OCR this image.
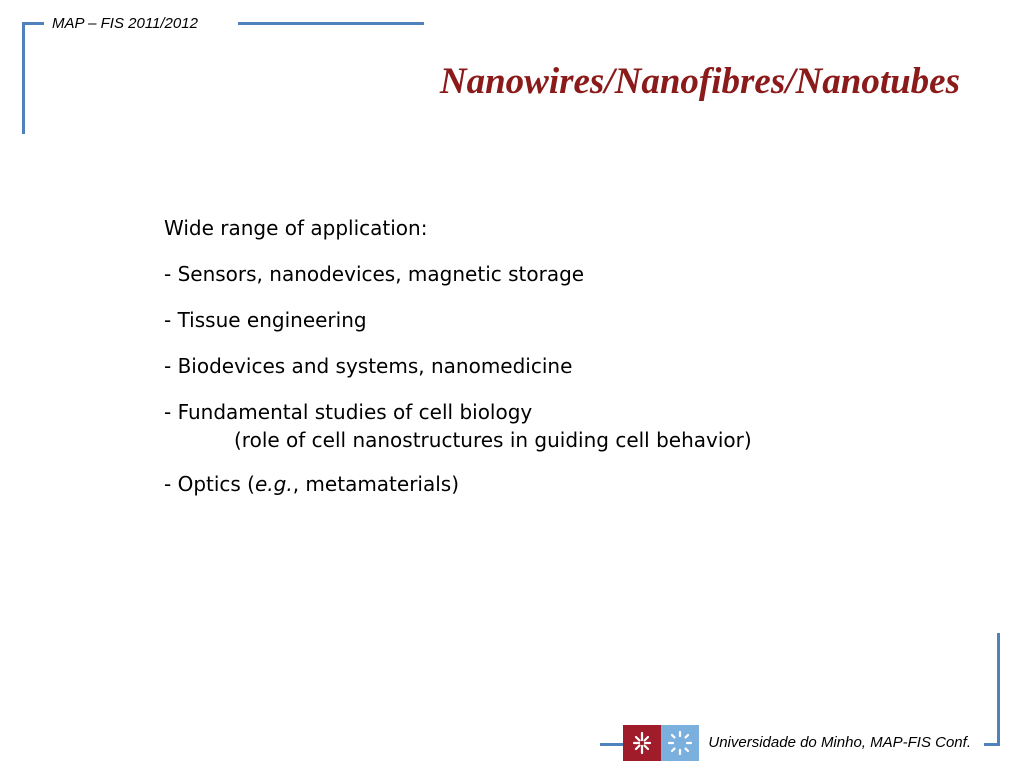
MAP – FIS 2011/2012
Nanowires/Nanofibres/Nanotubes

Wide range of application:

- Sensors, nanodevices, magnetic storage

- Tissue engineering

- Biodevices and systems, nanomedicine

- Fundamental studies of cell biology

(role of cell nanostructures in guiding cell behavior)

- Optics (e.g., metamaterials)

Universidade do Minho, MAP-FIS Conf.
